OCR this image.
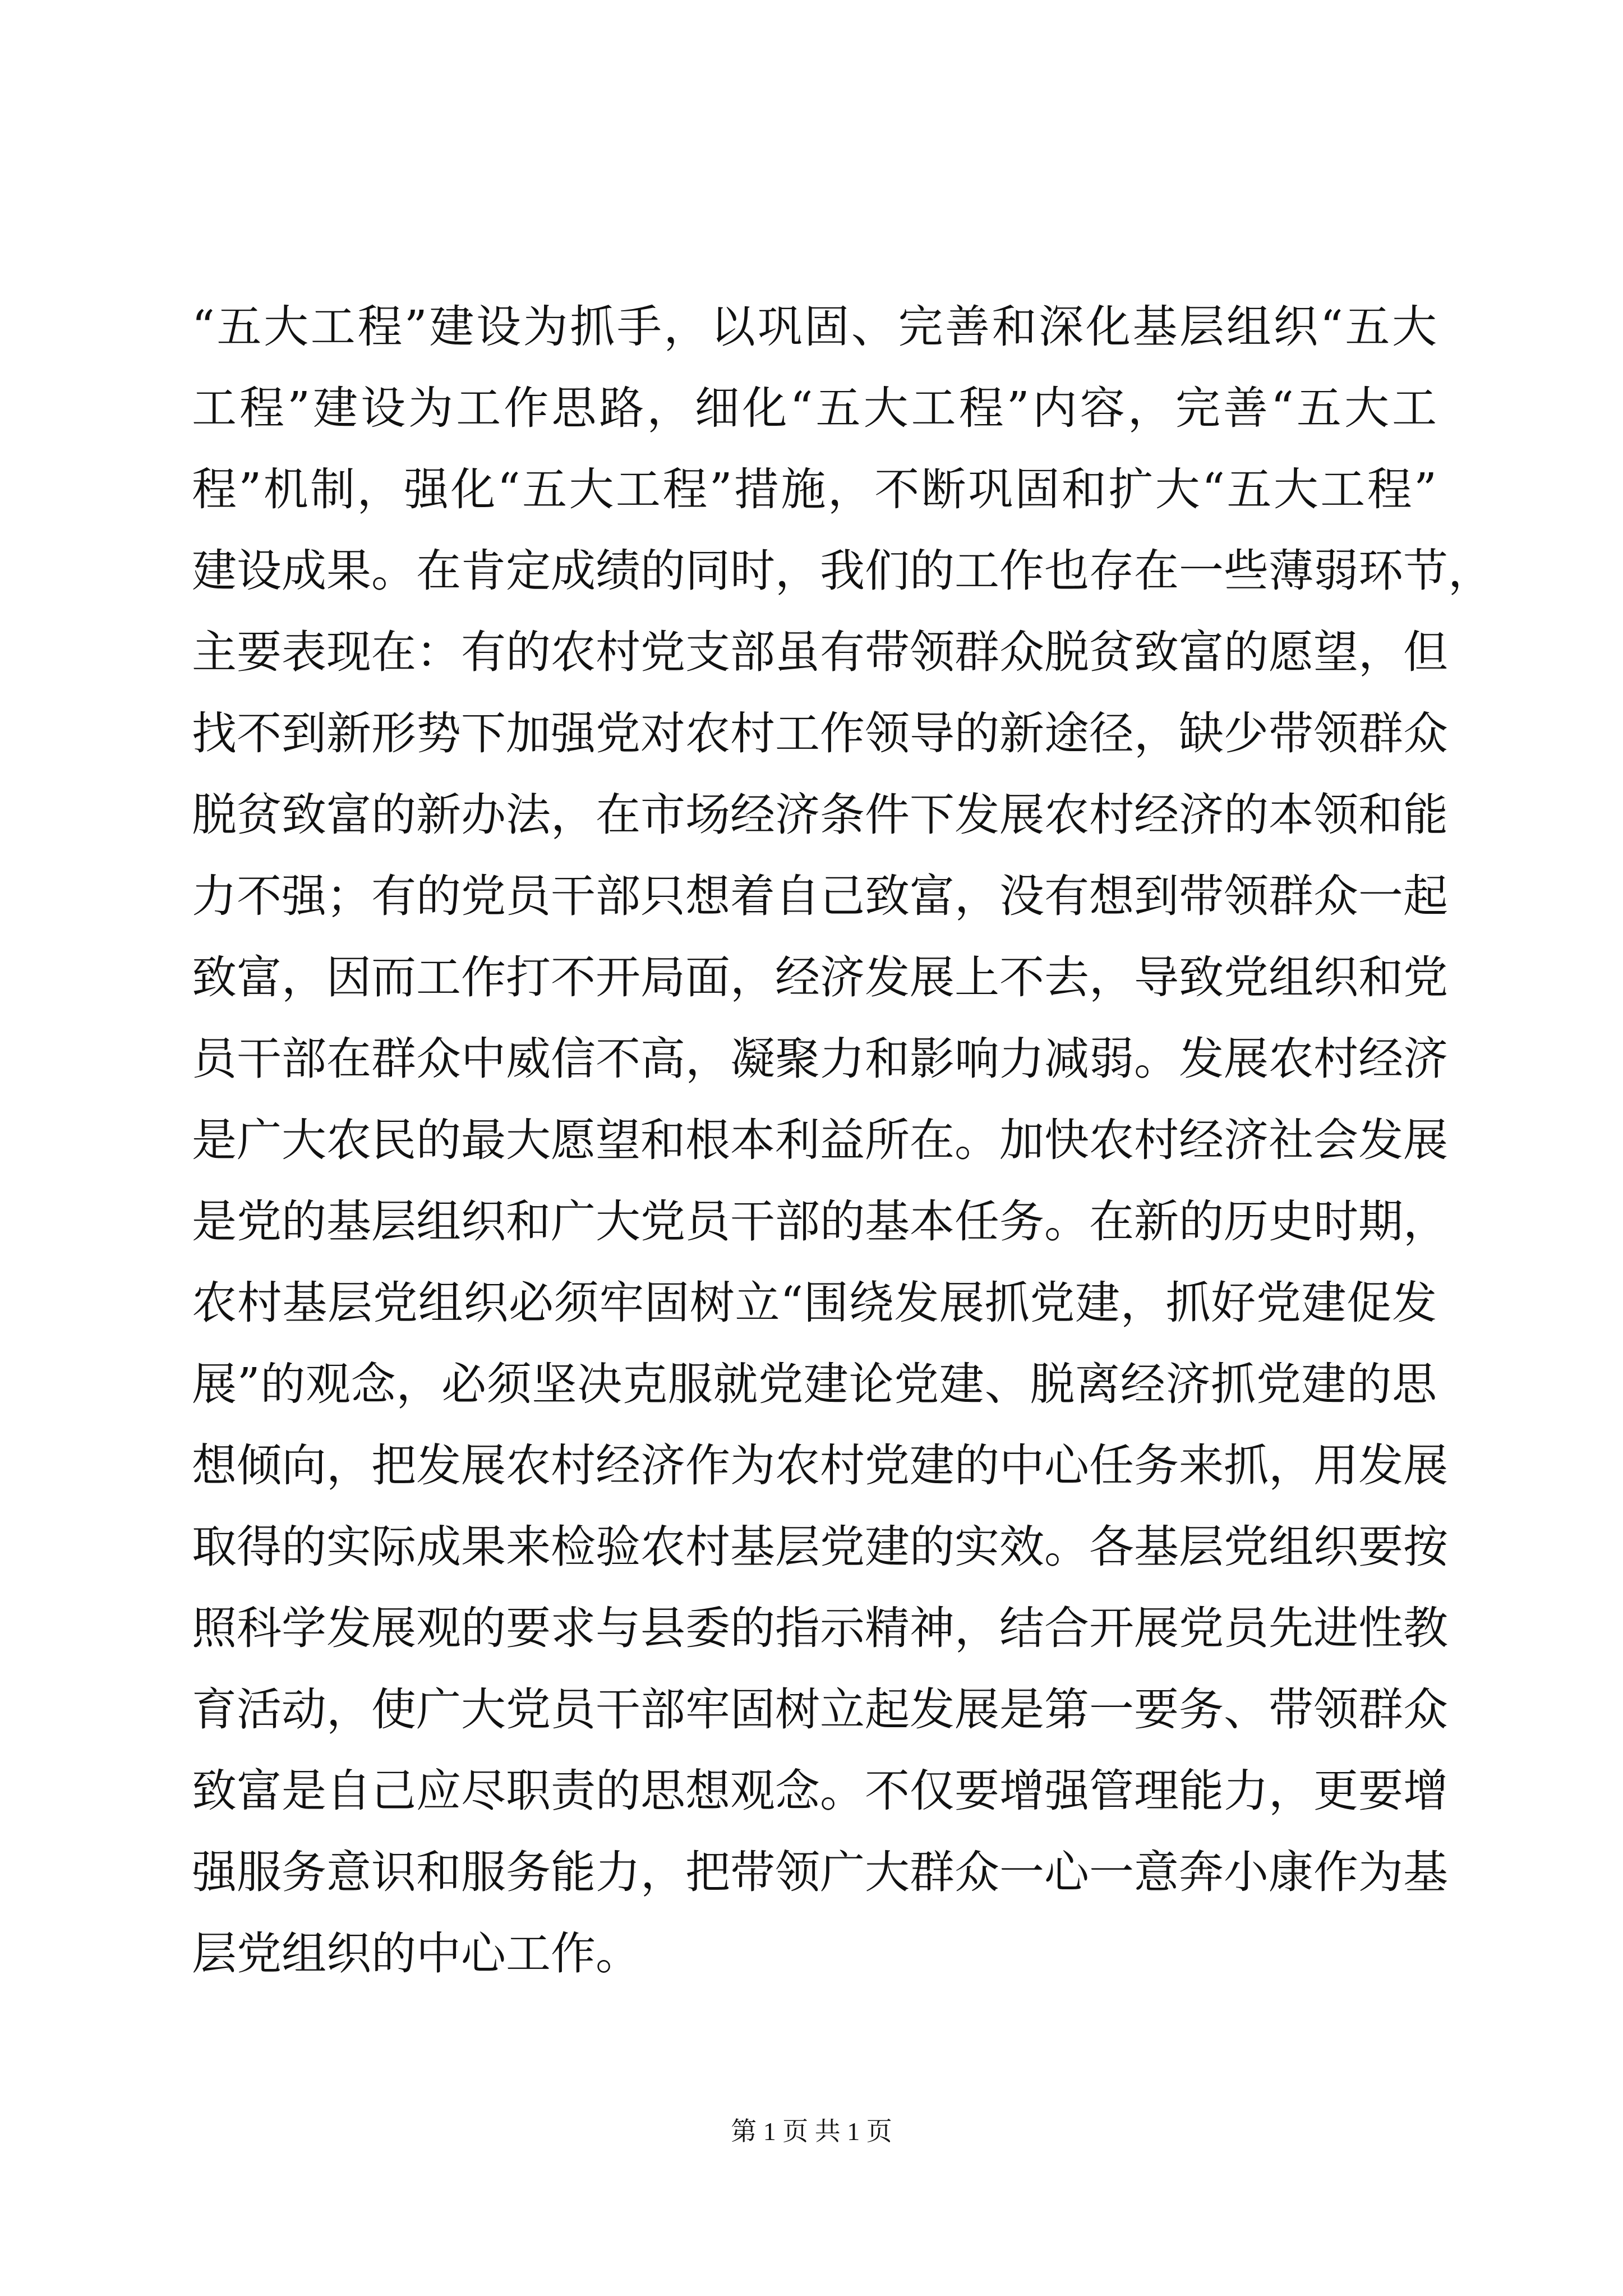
“五大工程”建设为抓手，以巩固、完善和深化基层组织“五大
工程”建设为工作思路，细化“五大工程”内容，完善“五大工
程”机制，强化“五大工程”措施，不断巩固和扩大“五大工程”
建设成果。在肯定成绩的同时，我们的工作也存在一些薄弱环节，
主要表现在：有的农村党支部虽有带领群众脱贫致富的愿望，但
找不到新形势下加强党对农村工作领导的新途径，缺少带领群众
脱贫致富的新办法，在市场经济条件下发展农村经济的本领和能
力不强；有的党员干部只想着自己致富，没有想到带领群众一起
致富，因而工作打不开局面，经济发展上不去，导致党组织和党
员干部在群众中威信不高，凝聚力和影响力减弱。发展农村经济
是广大农民的最大愿望和根本利益所在。加快农村经济社会发展
是党的基层组织和广大党员干部的基本任务。在新的历史时期，
农村基层党组织必须牢固树立“围绕发展抓党建，抓好党建促发
展”的观念，必须坚决克服就党建论党建、脱离经济抓党建的思
想倾向，把发展农村经济作为农村党建的中心任务来抓，用发展
取得的实际成果来检验农村基层党建的实效。各基层党组织要按
照科学发展观的要求与县委的指示精神，结合开展党员先进性教
育活动，使广大党员干部牢固树立起发展是第一要务、带领群众
致富是自己应尽职责的思想观念。不仅要增强管理能力，更要增
强服务意识和服务能力，把带领广大群众一心一意奔小康作为基
层党组织的中心工作。
第 1 页 共 1 页
